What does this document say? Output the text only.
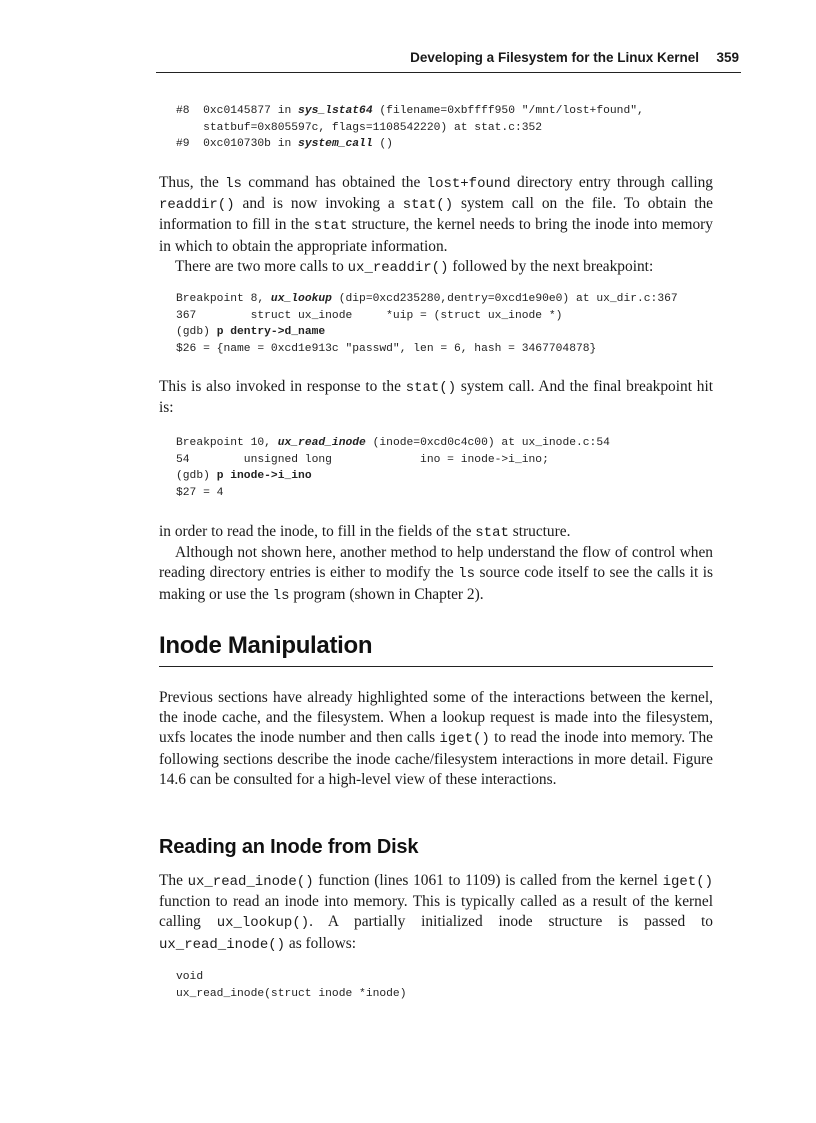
Developing a Filesystem for the Linux Kernel 359
#8 0xc0145877 in sys_lstat64 (filename=0xbffff950 "/mnt/lost+found",
statbuf=0x805597c, flags=1108542220) at stat.c:352
#9 0xc010730b in system_call ()

Thus, the ls command has obtained the lost+found directory entry through calling readdir() and is now invoking a stat() system call on the file. To obtain the information to fill in the stat structure, the kernel needs to bring the inode into memory in which to obtain the appropriate information.

There are two more calls to ux_readdir() followed by the next breakpoint:

Breakpoint 8, ux_lookup (dip=0xcd235280,dentry=0xcd1e90e0) at ux_dir.c:367
367        struct ux_inode     *uip = (struct ux_inode *)
(gdb) p dentry->d_name
$26 = {name = 0xcd1e913c "passwd", len = 6, hash = 3467704878}

This is also invoked in response to the stat() system call. And the final breakpoint hit is:

Breakpoint 10, ux_read_inode (inode=0xcd0c4c00) at ux_inode.c:54
54        unsigned long             ino = inode->i_ino;
(gdb) p inode->i_ino
$27 = 4

in order to read the inode, to fill in the fields of the stat structure.

Although not shown here, another method to help understand the flow of control when reading directory entries is either to modify the ls source code itself to see the calls it is making or use the ls program (shown in Chapter 2).

Inode Manipulation

Previous sections have already highlighted some of the interactions between the kernel, the inode cache, and the filesystem. When a lookup request is made into the filesystem, uxfs locates the inode number and then calls iget() to read the inode into memory. The following sections describe the inode cache/filesystem interactions in more detail. Figure 14.6 can be consulted for a high-level view of these interactions.

Reading an Inode from Disk

The ux_read_inode() function (lines 1061 to 1109) is called from the kernel iget() function to read an inode into memory. This is typically called as a result of the kernel calling ux_lookup(). A partially initialized inode structure is passed to ux_read_inode() as follows:

void
ux_read_inode(struct inode *inode)
